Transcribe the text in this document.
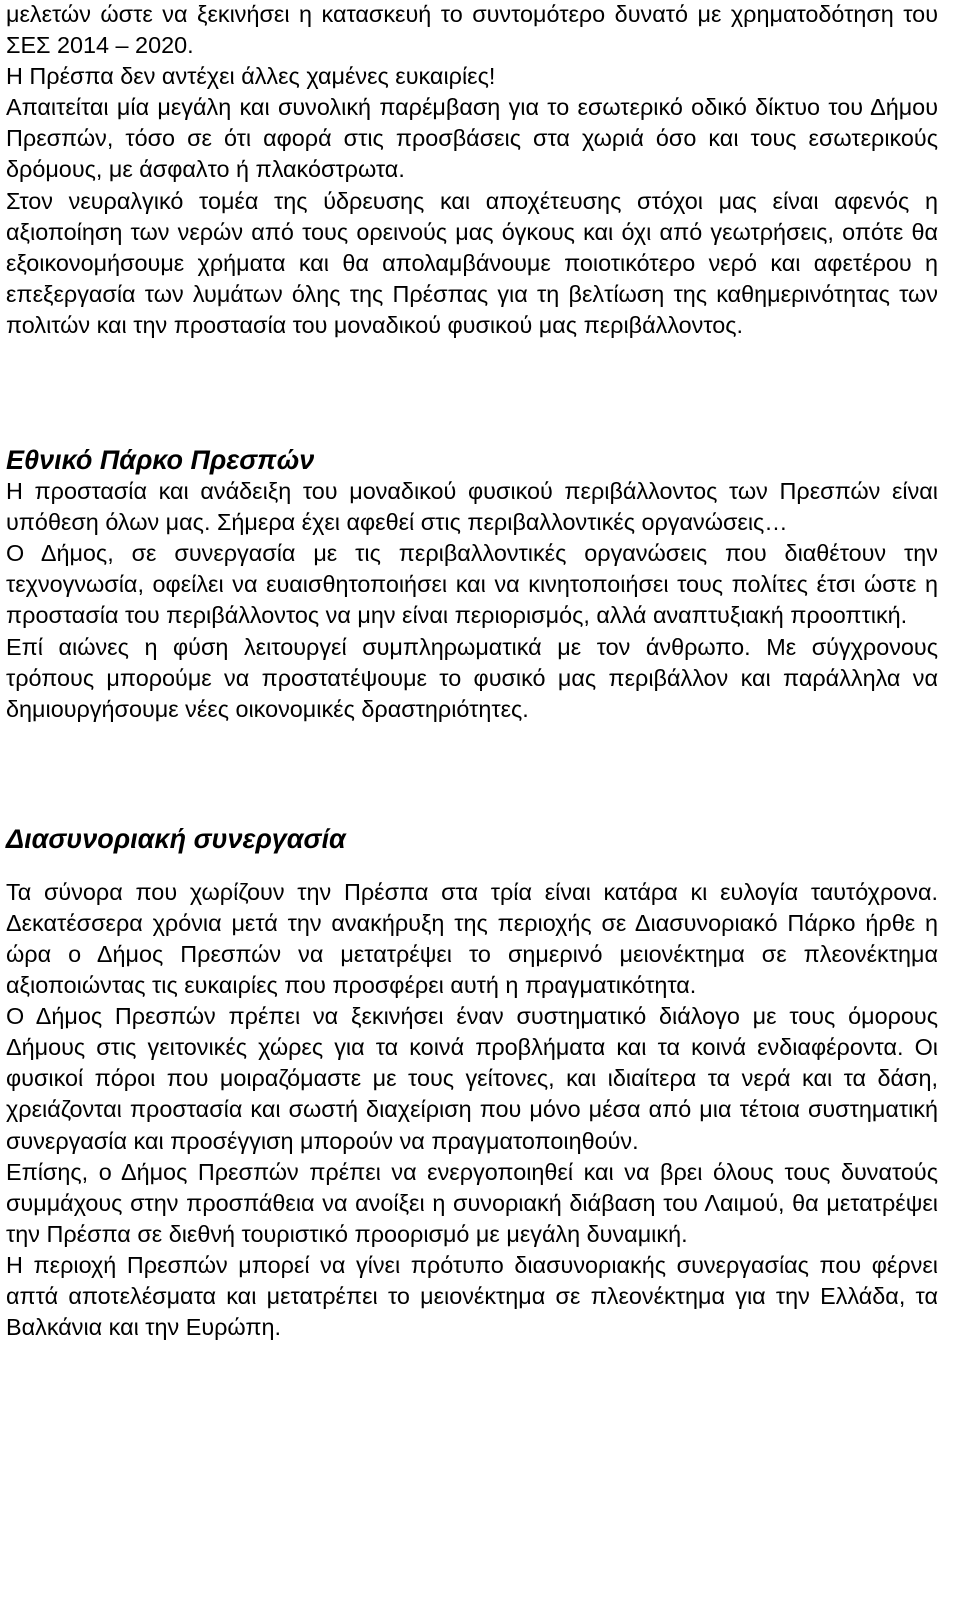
μελετών ώστε να ξεκινήσει η κατασκευή το συντομότερο δυνατό με χρηματοδότηση του ΣΕΣ 2014 – 2020.

Η Πρέσπα δεν αντέχει άλλες χαμένες ευκαιρίες!

Απαιτείται μία μεγάλη και συνολική παρέμβαση για το εσωτερικό οδικό δίκτυο του Δήμου Πρεσπών, τόσο σε ότι αφορά στις προσβάσεις στα χωριά όσο και τους εσωτερικούς δρόμους, με άσφαλτο ή πλακόστρωτα.

Στον νευραλγικό τομέα της ύδρευσης και αποχέτευσης στόχοι μας είναι αφενός η αξιοποίηση των νερών από τους ορεινούς μας όγκους και όχι από γεωτρήσεις, οπότε θα εξοικονομήσουμε χρήματα και θα απολαμβάνουμε ποιοτικότερο νερό και αφετέρου η επεξεργασία των λυμάτων όλης της Πρέσπας για τη βελτίωση της καθημερινότητας των πολιτών και την προστασία του μοναδικού φυσικού μας περιβάλλοντος.

Εθνικό Πάρκο Πρεσπών

Η προστασία και ανάδειξη του μοναδικού φυσικού περιβάλλοντος των Πρεσπών είναι υπόθεση όλων μας. Σήμερα έχει αφεθεί στις περιβαλλοντικές οργανώσεις…

Ο Δήμος, σε συνεργασία με τις περιβαλλοντικές οργανώσεις που διαθέτουν την τεχνογνωσία, οφείλει να ευαισθητοποιήσει και να κινητοποιήσει τους πολίτες έτσι ώστε η προστασία του περιβάλλοντος να μην είναι περιορισμός, αλλά αναπτυξιακή προοπτική.

Επί αιώνες η φύση λειτουργεί συμπληρωματικά με τον άνθρωπο. Με σύγχρονους τρόπους μπορούμε να προστατέψουμε το φυσικό μας περιβάλλον και παράλληλα να δημιουργήσουμε νέες οικονομικές δραστηριότητες.

Διασυνοριακή συνεργασία

Τα σύνορα που χωρίζουν την Πρέσπα στα τρία είναι κατάρα κι ευλογία ταυτόχρονα. Δεκατέσσερα χρόνια μετά την ανακήρυξη της περιοχής σε Διασυνοριακό Πάρκο ήρθε η ώρα ο Δήμος Πρεσπών να μετατρέψει το σημερινό μειονέκτημα σε πλεονέκτημα αξιοποιώντας τις ευκαιρίες που προσφέρει αυτή η πραγματικότητα.

Ο Δήμος Πρεσπών πρέπει να ξεκινήσει έναν συστηματικό διάλογο με τους όμορους Δήμους στις γειτονικές χώρες για τα κοινά προβλήματα και τα κοινά ενδιαφέροντα. Οι φυσικοί πόροι που μοιραζόμαστε με τους γείτονες, και ιδιαίτερα τα νερά και τα δάση, χρειάζονται προστασία και σωστή διαχείριση που μόνο μέσα από μια τέτοια συστηματική συνεργασία και προσέγγιση μπορούν να πραγματοποιηθούν.

Επίσης, ο Δήμος Πρεσπών πρέπει να ενεργοποιηθεί και να βρει όλους τους δυνατούς συμμάχους στην προσπάθεια να ανοίξει η συνοριακή διάβαση του Λαιμού, θα μετατρέψει την Πρέσπα σε διεθνή τουριστικό προορισμό με μεγάλη δυναμική.

Η περιοχή Πρεσπών μπορεί να γίνει πρότυπο διασυνοριακής συνεργασίας που φέρνει απτά αποτελέσματα και μετατρέπει το μειονέκτημα σε πλεονέκτημα για την Ελλάδα, τα Βαλκάνια και την Ευρώπη.
